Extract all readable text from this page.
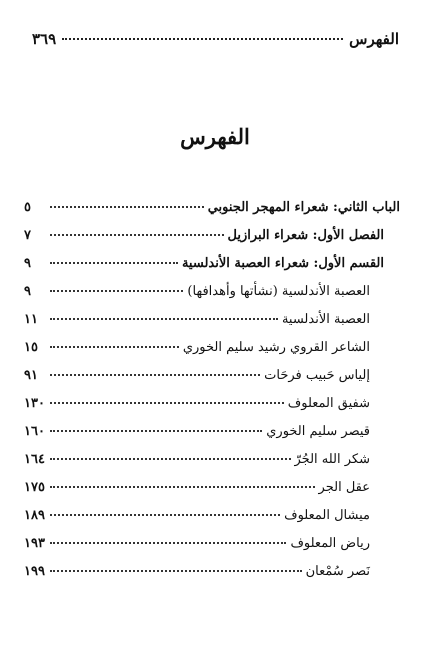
الفهرس
٣٦٩
الفهرس
الباب الثاني: شعراء المهجر الجنوبي
٥
الفصل الأول: شعراء البرازيل
٧
القسم الأول: شعراء العصبة الأندلسية
٩
العصبة الأندلسية (نشأتها وأهدافها)
٩
العصبة الأندلسية
١١
الشاعر القروي رشيد سليم الخوري
١٥
إلياس حَبيب فرحَات
٩١
شفيق المعلوف
١٣٠
قيصر سليم الخوري
١٦٠
شكر الله الجُرّ
١٦٤
عقل الجر
١٧٥
ميشال المعلوف
١٨٩
رياض المعلوف
١٩٣
نَصر سُمْعان
١٩٩
